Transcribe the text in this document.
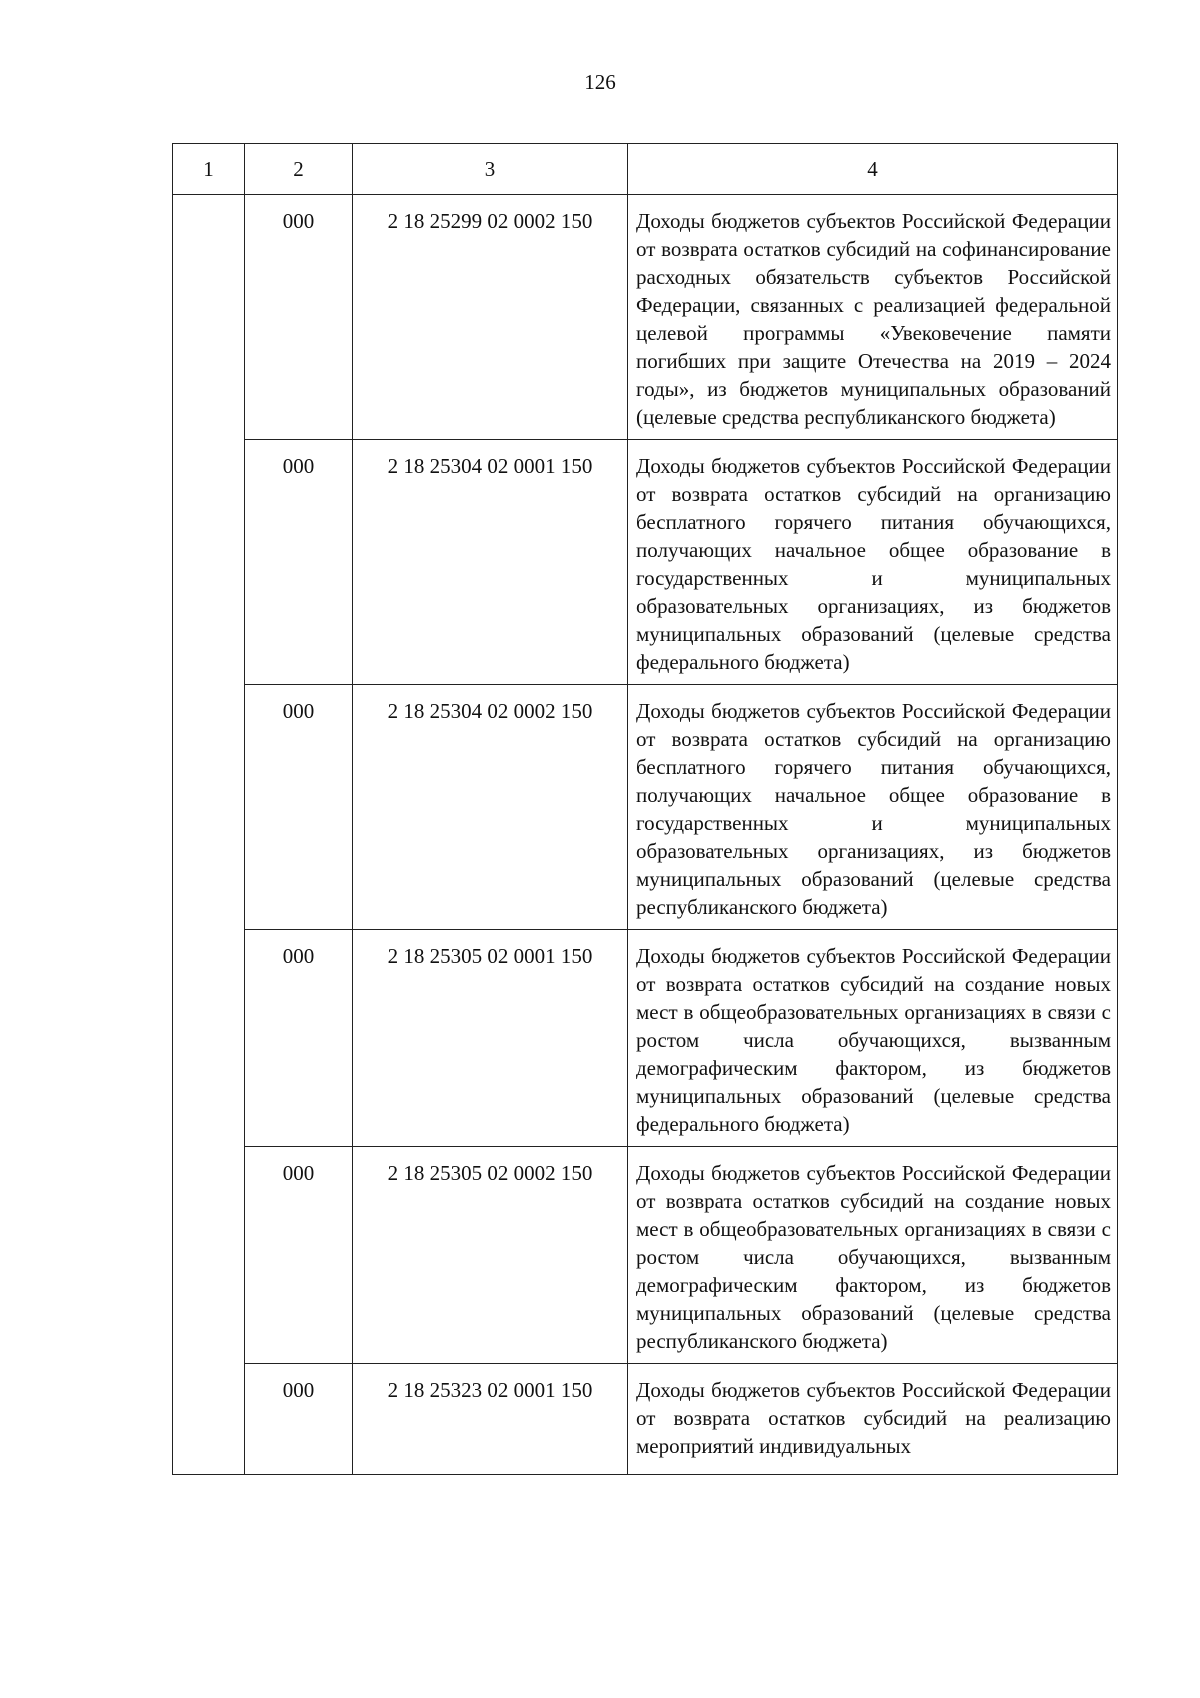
126
1	2	3	4
	000	2 18 25299 02 0002 150	Доходы бюджетов субъектов Российской Федерации от возврата остатков субсидий на софинансирование расходных обязательств субъектов Российской Федерации, связанных с реализацией федеральной целевой программы «Увековечение памяти погибших при защите Отечества на 2019 – 2024 годы», из бюджетов муниципальных образований (целевые средства республиканского бюджета)
	000	2 18 25304 02 0001 150	Доходы бюджетов субъектов Российской Федерации от возврата остатков субсидий на организацию бесплатного горячего питания обучающихся, получающих начальное общее образование в государственных и муниципальных образовательных организациях, из бюджетов муниципальных образований (целевые средства федерального бюджета)
	000	2 18 25304 02 0002 150	Доходы бюджетов субъектов Российской Федерации от возврата остатков субсидий на организацию бесплатного горячего питания обучающихся, получающих начальное общее образование в государственных и муниципальных образовательных организациях, из бюджетов муниципальных образований (целевые средства республиканского бюджета)
	000	2 18 25305 02 0001 150	Доходы бюджетов субъектов Российской Федерации от возврата остатков субсидий на создание новых мест в общеобразовательных организациях в связи с ростом числа обучающихся, вызванным демографическим фактором, из бюджетов муниципальных образований (целевые средства федерального бюджета)
	000	2 18 25305 02 0002 150	Доходы бюджетов субъектов Российской Федерации от возврата остатков субсидий на создание новых мест в общеобразовательных организациях в связи с ростом числа обучающихся, вызванным демографическим фактором, из бюджетов муниципальных образований (целевые средства республиканского бюджета)
	000	2 18 25323 02 0001 150	Доходы бюджетов субъектов Российской Федерации от возврата остатков субсидий на реализацию мероприятий индивидуальных
